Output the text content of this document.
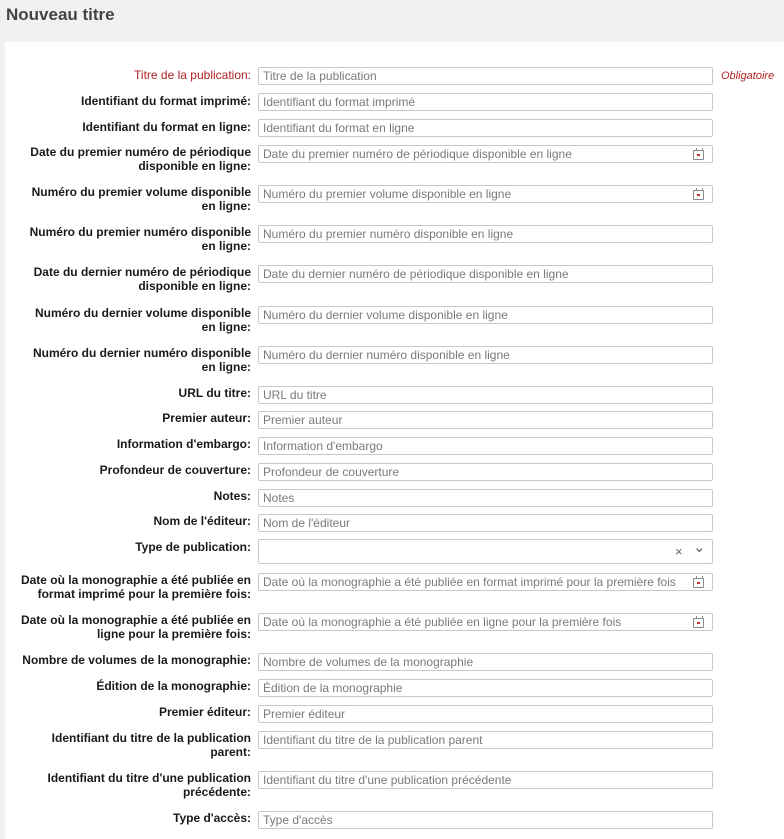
Nouveau titre
Titre de la publication:
Titre de la publication	Obligatoire
Identifiant du format imprimé:
Identifiant du format imprimé
Identifiant du format en ligne:
Identifiant du format en ligne
Date du premier numéro de périodique
disponible en ligne:
Date du premier numéro de périodique disponible en ligne
Numéro du premier volume disponible
en ligne:
Numéro du premier volume disponible en ligne
Numéro du premier numéro disponible
en ligne:
Numéro du premier numéro disponible en ligne
Date du dernier numéro de périodique
disponible en ligne:
Date du dernier numéro de périodique disponible en ligne
Numéro du dernier volume disponible
en ligne:
Numéro du dernier volume disponible en ligne
Numéro du dernier numéro disponible
en ligne:
Numéro du dernier numéro disponible en ligne
URL du titre:
URL du titre
Premier auteur:
Premier auteur
Information d'embargo:
Information d'embargo
Profondeur de couverture:
Profondeur de couverture
Notes:
Notes
Nom de l'éditeur:
Nom de l'éditeur
Type de publication:	× ⌄
Date où la monographie a été publiée en
format imprimé pour la première fois:
Date où la monographie a été publiée en format imprimé pour la première fois
Date où la monographie a été publiée en
ligne pour la première fois:
Date où la monographie a été publiée en ligne pour la première fois
Nombre de volumes de la monographie:
Nombre de volumes de la monographie
Édition de la monographie:
Édition de la monographie
Premier éditeur:
Premier éditeur
Identifiant du titre de la publication
parent:
Identifiant du titre de la publication parent
Identifiant du titre d'une publication
précédente:
Identifiant du titre d'une publication précédente
Type d'accès:
Type d'accès
